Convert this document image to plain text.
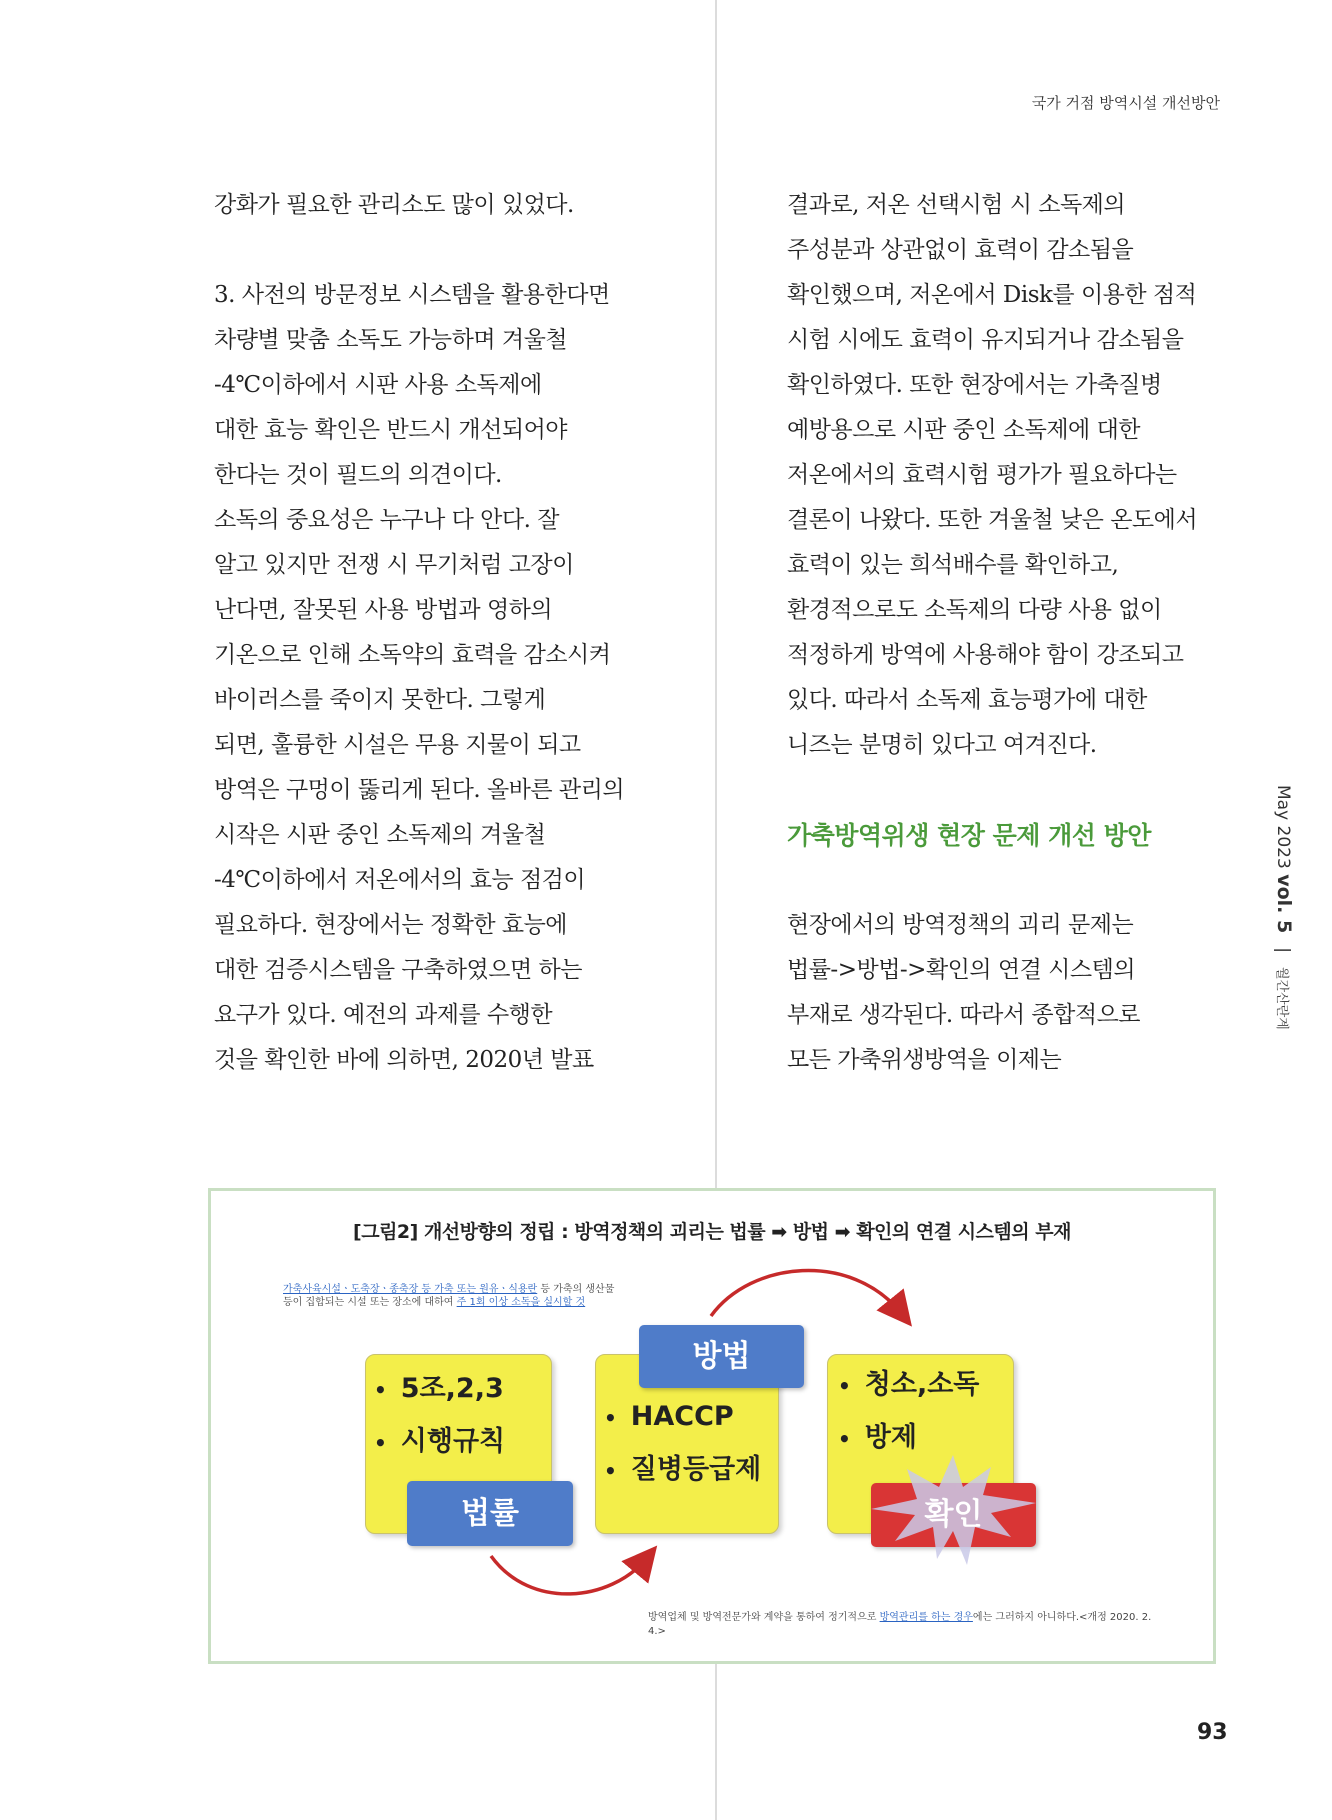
국가 거점 방역시설 개선방안

강화가 필요한 관리소도 많이 있었다.

3. 사전의 방문정보 시스템을 활용한다면

차량별 맞춤 소독도 가능하며 겨울철

-4℃이하에서 시판 사용 소독제에

대한 효능 확인은 반드시 개선되어야

한다는 것이 필드의 의견이다.

소독의 중요성은 누구나 다 안다. 잘

알고 있지만 전쟁 시 무기처럼 고장이

난다면, 잘못된 사용 방법과 영하의

기온으로 인해 소독약의 효력을 감소시켜

바이러스를 죽이지 못한다. 그렇게

되면, 훌륭한 시설은 무용 지물이 되고

방역은 구멍이 뚫리게 된다. 올바른 관리의

시작은 시판 중인 소독제의 겨울철

-4℃이하에서 저온에서의 효능 점검이

필요하다. 현장에서는 정확한 효능에

대한 검증시스템을 구축하였으면 하는

요구가 있다. 예전의 과제를 수행한

것을 확인한 바에 의하면, 2020년 발표

결과로, 저온 선택시험 시 소독제의

주성분과 상관없이 효력이 감소됨을

확인했으며, 저온에서 Disk를 이용한 점적

시험 시에도 효력이 유지되거나 감소됨을

확인하였다. 또한 현장에서는 가축질병

예방용으로 시판 중인 소독제에 대한

저온에서의 효력시험 평가가 필요하다는

결론이 나왔다. 또한 겨울철 낮은 온도에서

효력이 있는 희석배수를 확인하고,

환경적으로도 소독제의 다량 사용 없이

적정하게 방역에 사용해야 함이 강조되고

있다. 따라서 소독제 효능평가에 대한

니즈는 분명히 있다고 여겨진다.

가축방역위생 현장 문제 개선 방안

현장에서의 방역정책의 괴리 문제는

법률->방법->확인의 연결 시스템의

부재로 생각된다. 따라서 종합적으로

모든 가축위생방역을 이제는

May 2023 vol. 5|월간산란계
[그림2] 개선방향의 정립 : 방역정책의 괴리는 법률 ➡ 방법 ➡ 확인의 연결 시스템의 부재
가축사육시설ㆍ도축장ㆍ종축장 등 가축 또는 원유ㆍ식용란 등 가축의 생산물
등이 집합되는 시설 또는 장소에 대하여 주 1회 이상 소독을 실시할 것
• 5조,2,3
• 시행규칙
• HACCP
• 질병등급제
• 청소,소독
• 방제
법률
방법
확인
방역업체 및 방역전문가와 계약을 통하여 정기적으로 방역관리를 하는 경우에는 그러하지 아니하다.<개정 2020. 2. 4.>
93
